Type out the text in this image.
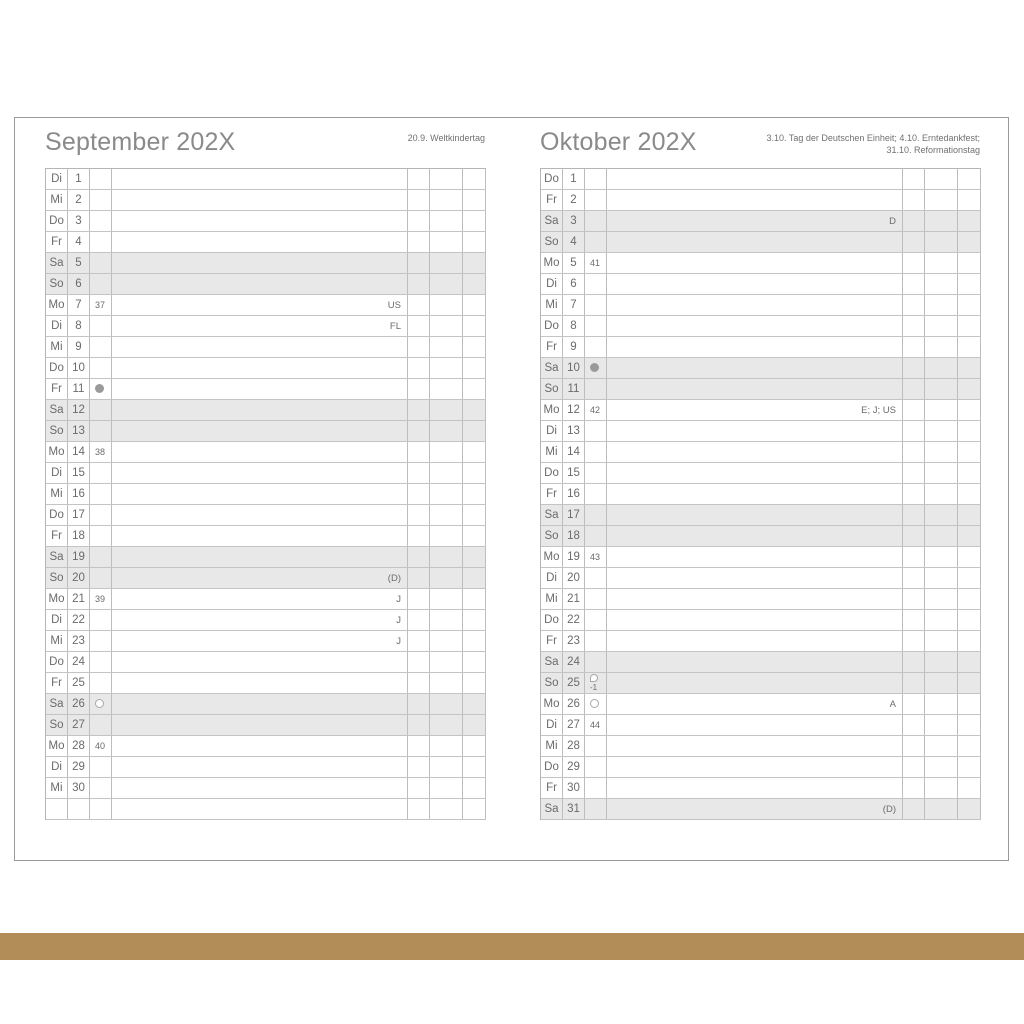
September 202X	20.9. Weltkindertag
Di	1
Mi	2
Do 3
Fr	4
Sa	5
So	6
Mo 7	37	US
Di	8	FL
Mi	9
Do 10
Fr 11
Sa 12
So 13
Mo 14	38
Di 15
Mi 16
Do 17
Fr 18
Sa 19
So 20	(D)
Mo 21	39	J
Di 22	J
Mi 23	J
Do 24
Fr 25
Sa 26
So 27
Mo 28	40
Di 29
Mi 30
Oktober 202X	3.10. Tag der Deutschen Einheit; 4.10. Erntedankfest;
31.10. Reformationstag
Do 1
Fr	2
Sa	3	D
So	4
Mo 5	41
Di	6
Mi	7
Do 8
Fr	9
Sa 10
So 11
Mo 12	42	E; J; US
Di 13
Mi 14
Do 15
Fr 16
Sa 17
So 18
Mo 19	43
Di 20
Mi 21
Do 22
Fr 23
Sa 24
So 25	-1
Mo 26	A
Di 27	44
Mi 28
Do 29
Fr 30
Sa 31	(D)
